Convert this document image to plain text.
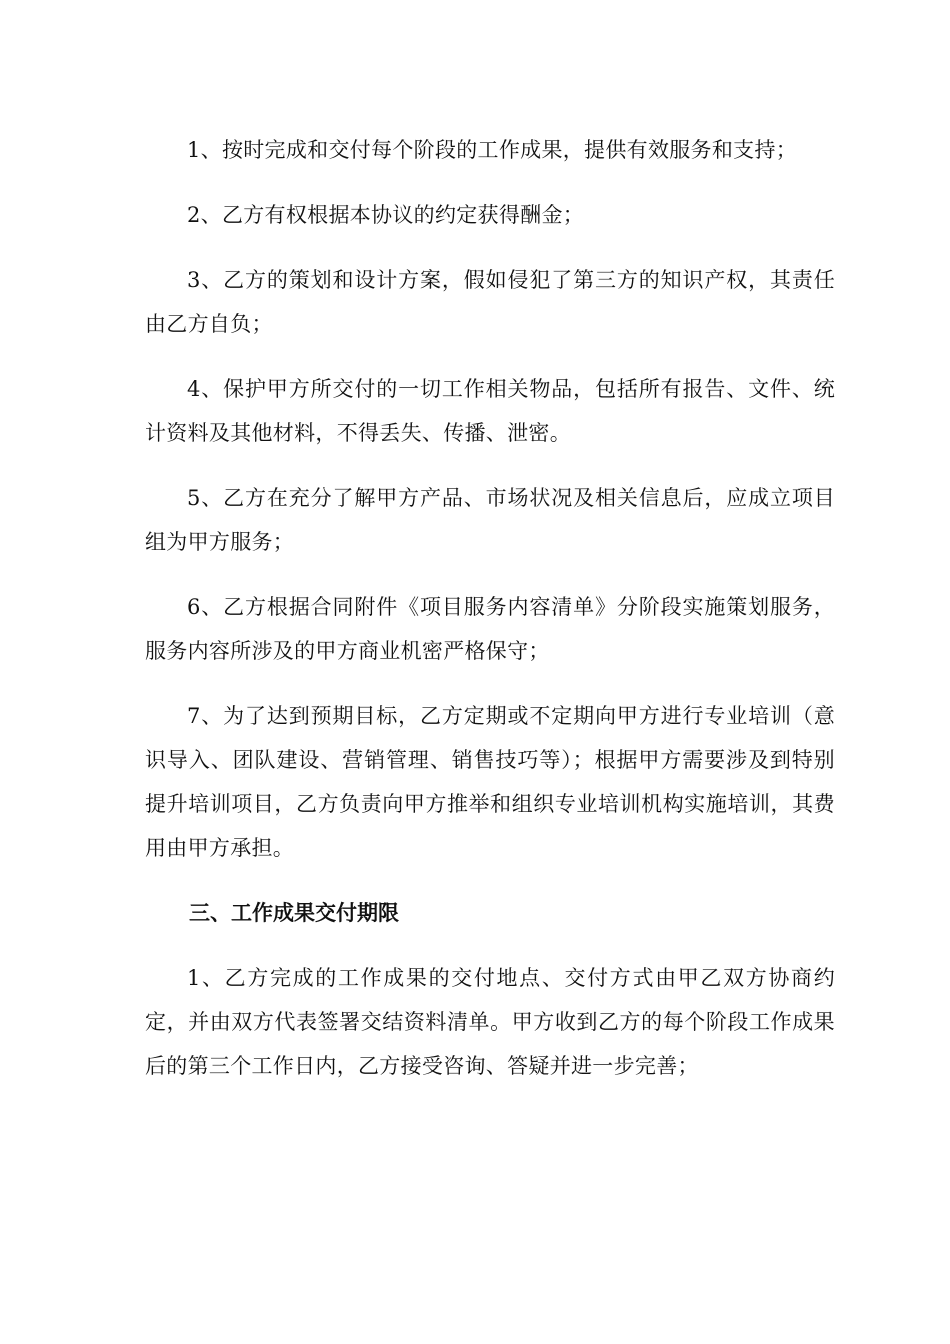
1、按时完成和交付每个阶段的工作成果，提供有效服务和支持；

2、乙方有权根据本协议的约定获得酬金；

3、乙方的策划和设计方案，假如侵犯了第三方的知识产权，其责任由乙方自负；

4、保护甲方所交付的一切工作相关物品，包括所有报告、文件、统计资料及其他材料，不得丢失、传播、泄密。

5、乙方在充分了解甲方产品、市场状况及相关信息后，应成立项目组为甲方服务；

6、乙方根据合同附件《项目服务内容清单》分阶段实施策划服务，服务内容所涉及的甲方商业机密严格保守；

7、为了达到预期目标，乙方定期或不定期向甲方进行专业培训（意识导入、团队建设、营销管理、销售技巧等）；根据甲方需要涉及到特别提升培训项目，乙方负责向甲方推举和组织专业培训机构实施培训，其费用由甲方承担。

三、工作成果交付期限

1、乙方完成的工作成果的交付地点、交付方式由甲乙双方协商约定，并由双方代表签署交结资料清单。甲方收到乙方的每个阶段工作成果后的第三个工作日内，乙方接受咨询、答疑并进一步完善；
